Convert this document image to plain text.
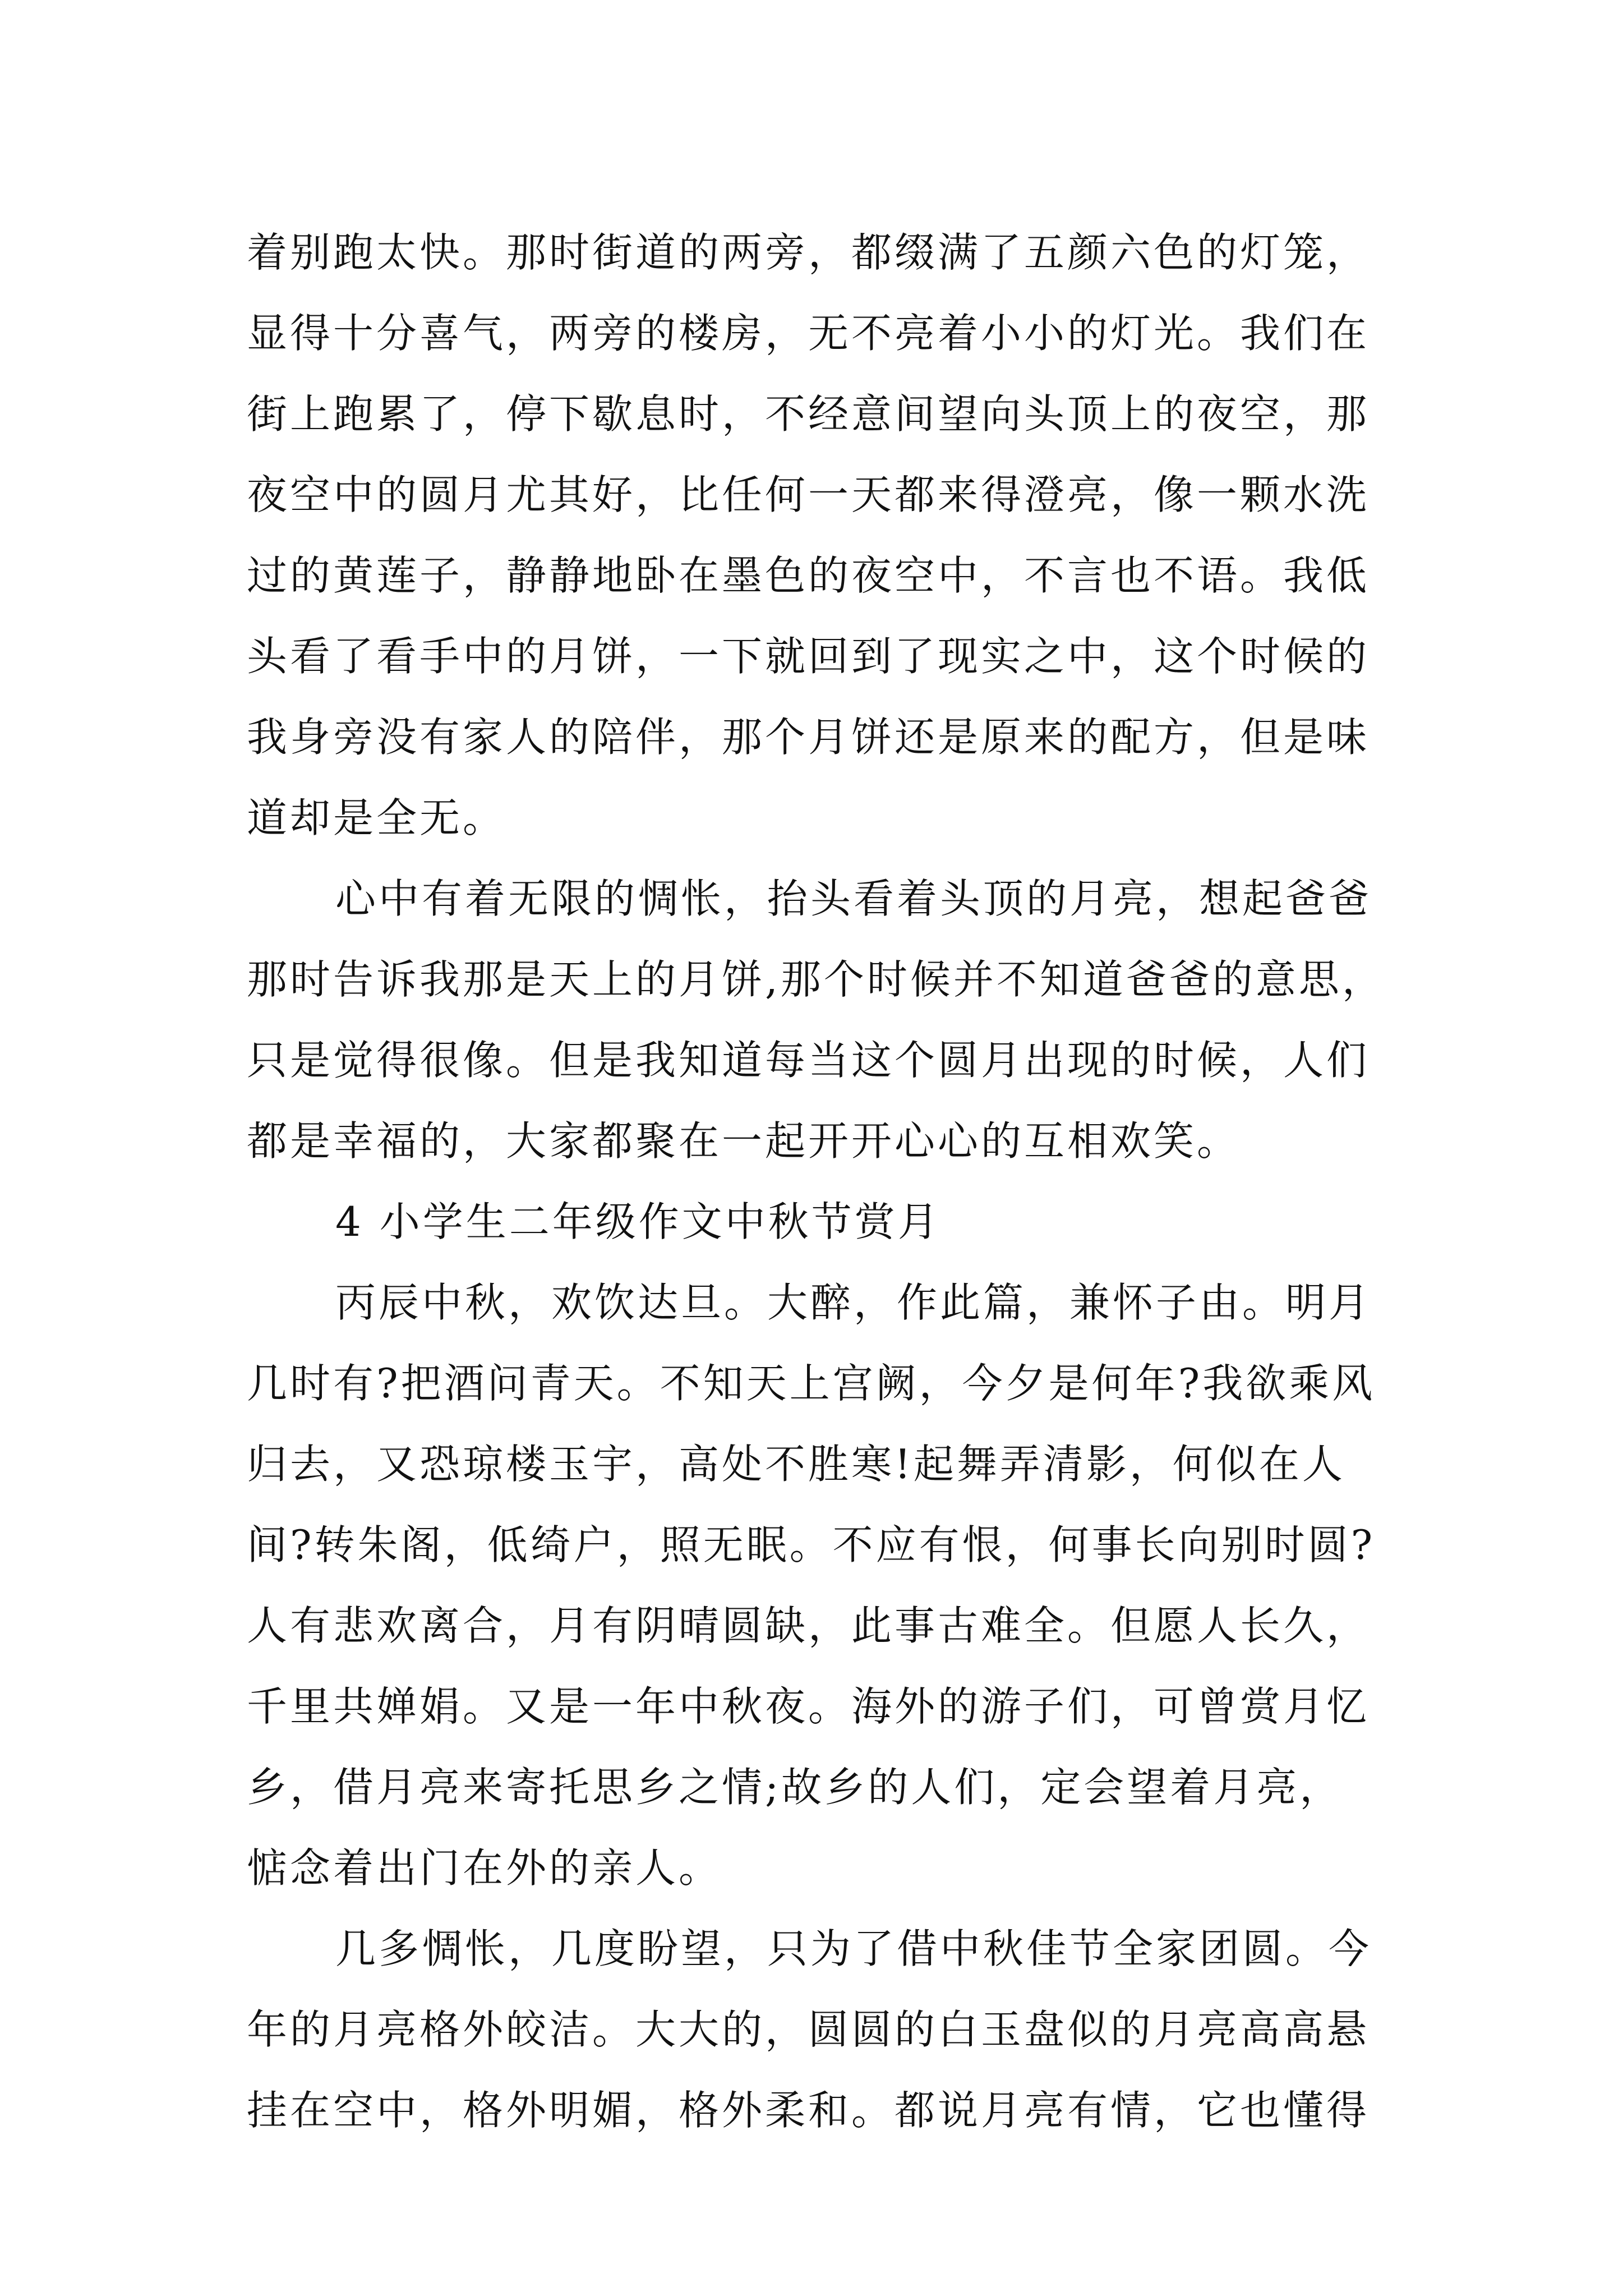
着别跑太快。那时街道的两旁，都缀满了五颜六色的灯笼，
显得十分喜气，两旁的楼房，无不亮着小小的灯光。我们在
街上跑累了，停下歇息时，不经意间望向头顶上的夜空，那
夜空中的圆月尤其好，比任何一天都来得澄亮，像一颗水洗
过的黄莲子，静静地卧在墨色的夜空中，不言也不语。我低
头看了看手中的月饼，一下就回到了现实之中，这个时候的
我身旁没有家人的陪伴，那个月饼还是原来的配方，但是味
道却是全无。
心中有着无限的惆怅，抬头看着头顶的月亮，想起爸爸
那时告诉我那是天上的月饼,那个时候并不知道爸爸的意思，
只是觉得很像。但是我知道每当这个圆月出现的时候，人们
都是幸福的，大家都聚在一起开开心心的互相欢笑。
4 小学生二年级作文中秋节赏月
丙辰中秋，欢饮达旦。大醉，作此篇，兼怀子由。明月
几时有?把酒问青天。不知天上宫阙，今夕是何年?我欲乘风
归去，又恐琼楼玉宇，高处不胜寒!起舞弄清影，何似在人
间?转朱阁，低绮户，照无眠。不应有恨，何事长向别时圆?
人有悲欢离合，月有阴晴圆缺，此事古难全。但愿人长久，
千里共婵娟。又是一年中秋夜。海外的游子们，可曾赏月忆
乡，借月亮来寄托思乡之情;故乡的人们，定会望着月亮，
惦念着出门在外的亲人。
几多惆怅，几度盼望，只为了借中秋佳节全家团圆。今
年的月亮格外皎洁。大大的，圆圆的白玉盘似的月亮高高悬
挂在空中，格外明媚，格外柔和。都说月亮有情，它也懂得
